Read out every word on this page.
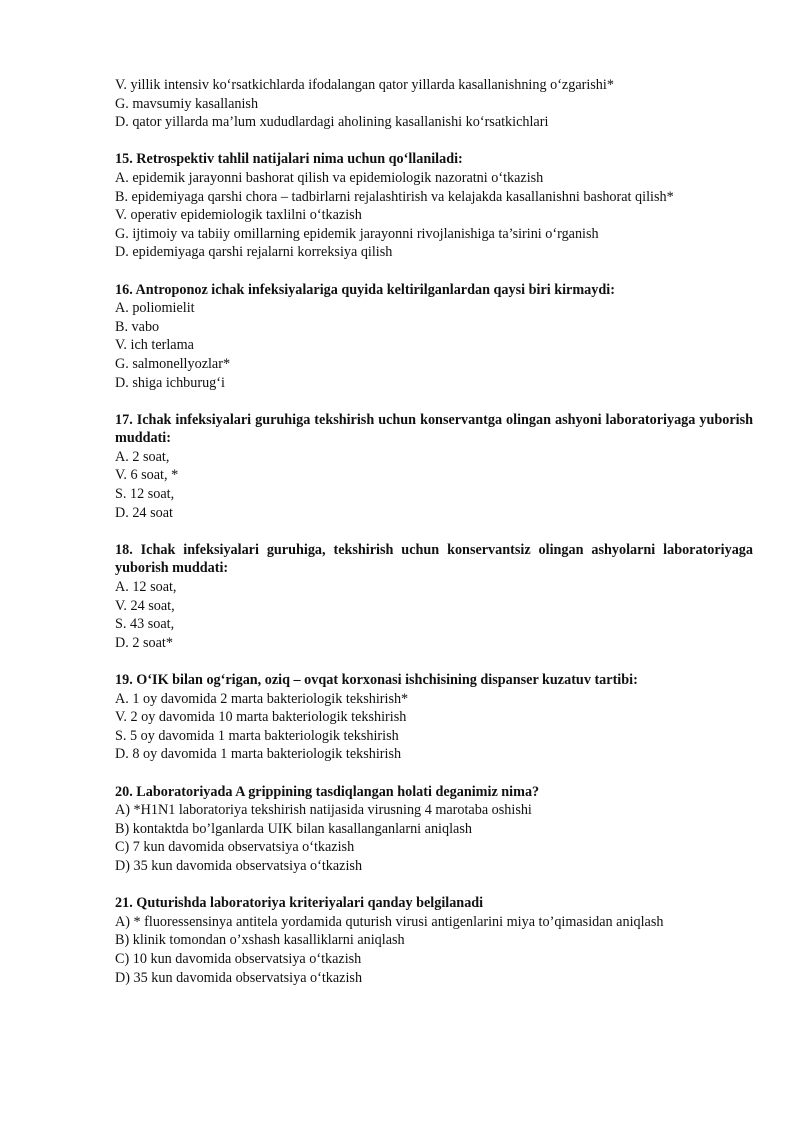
V. yillik intensiv ko‘rsatkichlarda ifodalangan qator yillarda kasallanishning o‘zgarishi*

G. mavsumiy kasallanish

D. qator yillarda ma’lum xududlardagi aholining kasallanishi ko‘rsatkichlari

15. Retrospektiv tahlil natijalari nima uchun qo‘llaniladi:

A. epidemik jarayonni bashorat qilish va epidemiologik nazoratni o‘tkazish

B. epidemiyaga qarshi chora – tadbirlarni rejalashtirish va kelajakda kasallanishni bashorat qilish*

V. operativ epidemiologik taxlilni o‘tkazish

G. ijtimoiy va tabiiy omillarning epidemik jarayonni rivojlanishiga ta’sirini o‘rganish

D. epidemiyaga qarshi rejalarni korreksiya qilish

16. Antroponoz ichak infeksiyalariga quyida keltirilganlardan qaysi biri kirmaydi:

A. poliomielit

B. vabo

V. ich terlama

G. salmonellyozlar*

D. shiga ichburug‘i

17. Ichak infeksiyalari guruhiga tekshirish uchun konservantga olingan ashyoni laboratoriyaga yuborish muddati:

A. 2 soat,

V. 6 soat, *

S. 12 soat,

D. 24 soat

18. Ichak infeksiyalari guruhiga, tekshirish uchun konservantsiz olingan ashyolarni laboratoriyaga yuborish muddati:

A. 12 soat,

V. 24 soat,

S. 43 soat,

D. 2 soat*

19. O‘IK bilan og‘rigan, oziq – ovqat korxonasi ishchisining dispanser kuzatuv tartibi:

A. 1 oy davomida 2 marta bakteriologik tekshirish*

V. 2 oy davomida 10 marta bakteriologik tekshirish

S. 5 oy davomida 1 marta bakteriologik tekshirish

D. 8 oy davomida 1 marta bakteriologik tekshirish

20. Laboratoriyada A grippining tasdiqlangan holati deganimiz nima?

A) *H1N1 laboratoriya tekshirish natijasida virusning 4 marotaba oshishi

B) kontaktda bo’lganlarda UIK bilan kasallanganlarni aniqlash

C) 7 kun davomida observatsiya o‘tkazish

D) 35 kun davomida observatsiya o‘tkazish

21. Quturishda laboratoriya kriteriyalari qanday belgilanadi

A) * fluoressensinya antitela yordamida quturish virusi antigenlarini miya to’qimasidan aniqlash

B) klinik tomondan o’xshash kasalliklarni aniqlash

C) 10 kun davomida observatsiya o‘tkazish

D) 35 kun davomida observatsiya o‘tkazish
